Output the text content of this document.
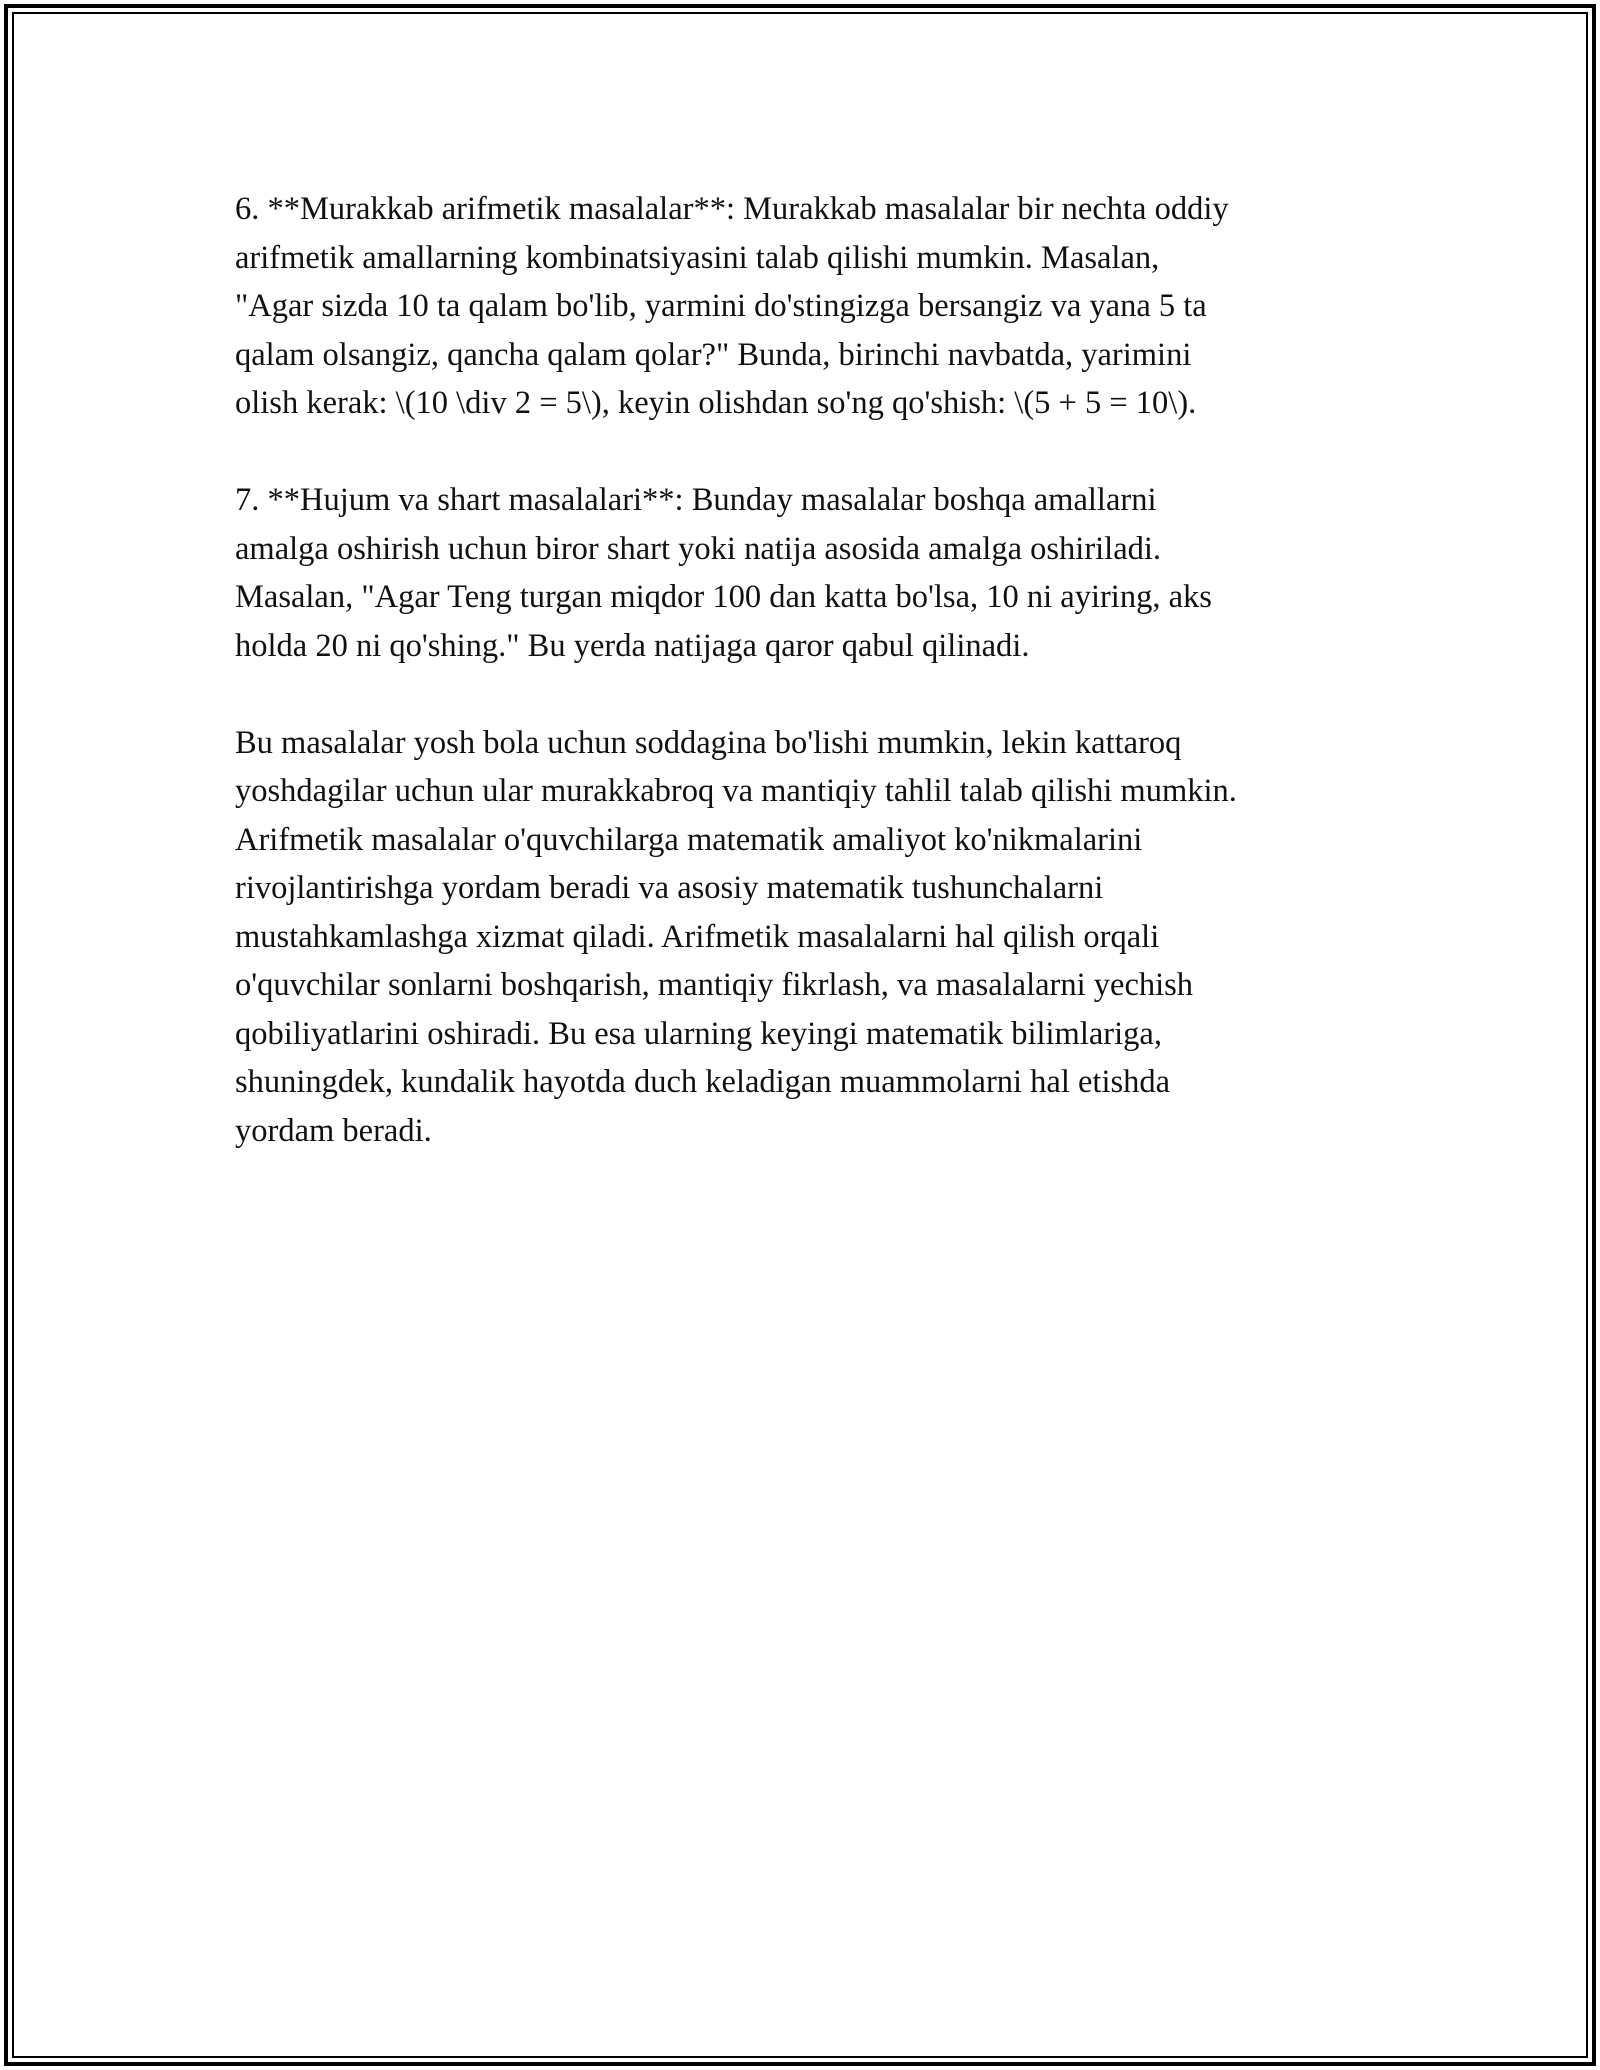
6. **Murakkab arifmetik masalalar**: Murakkab masalalar bir nechta oddiy
arifmetik amallarning kombinatsiyasini talab qilishi mumkin. Masalan,
"Agar sizda 10 ta qalam bo'lib, yarmini do'stingizga bersangiz va yana 5 ta
qalam olsangiz, qancha qalam qolar?" Bunda, birinchi navbatda, yarimini
olish kerak: \(10 \div 2 = 5\), keyin olishdan so'ng qo'shish: \(5 + 5 = 10\).

7. **Hujum va shart masalalari**: Bunday masalalar boshqa amallarni
amalga oshirish uchun biror shart yoki natija asosida amalga oshiriladi.
Masalan, "Agar Teng turgan miqdor 100 dan katta bo'lsa, 10 ni ayiring, aks
holda 20 ni qo'shing." Bu yerda natijaga qaror qabul qilinadi.

Bu masalalar yosh bola uchun soddagina bo'lishi mumkin, lekin kattaroq
yoshdagilar uchun ular murakkabroq va mantiqiy tahlil talab qilishi mumkin.
Arifmetik masalalar o'quvchilarga matematik amaliyot ko'nikmalarini
rivojlantirishga yordam beradi va asosiy matematik tushunchalarni
mustahkamlashga xizmat qiladi. Arifmetik masalalarni hal qilish orqali
o'quvchilar sonlarni boshqarish, mantiqiy fikrlash, va masalalarni yechish
qobiliyatlarini oshiradi. Bu esa ularning keyingi matematik bilimlariga,
shuningdek, kundalik hayotda duch keladigan muammolarni hal etishda
yordam beradi.
